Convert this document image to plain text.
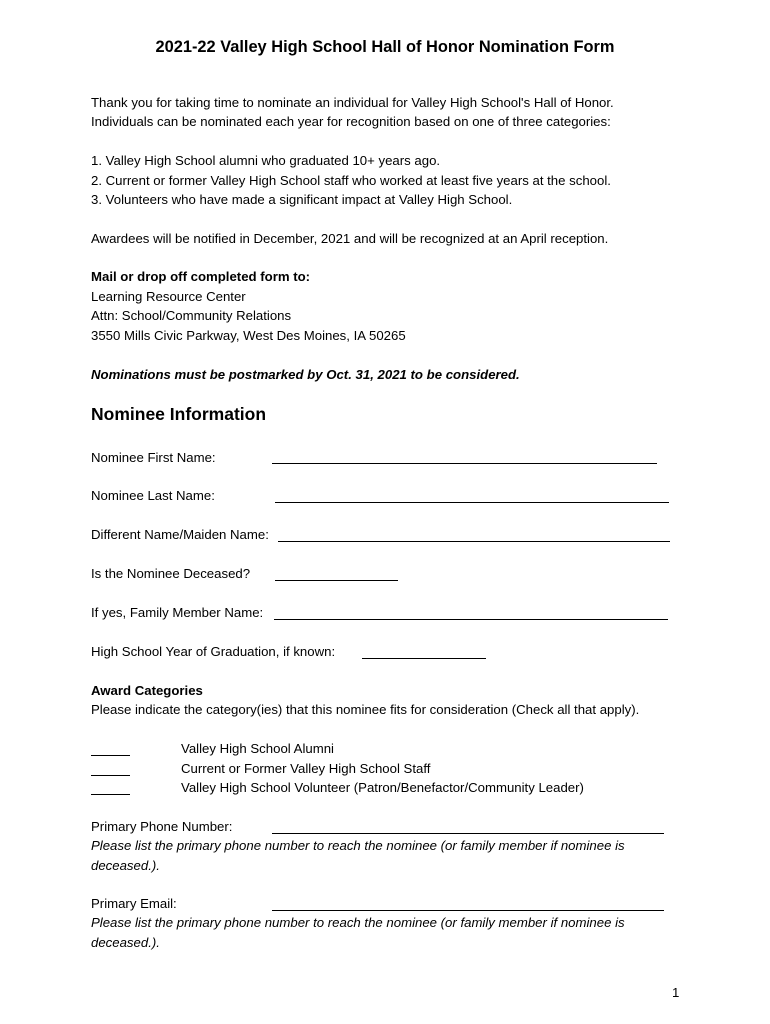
2021-22 Valley High School Hall of Honor Nomination Form
Thank you for taking time to nominate an individual for Valley High School's Hall of Honor.
Individuals can be nominated each year for recognition based on one of three categories:
1. Valley High School alumni who graduated 10+ years ago.
2. Current or former Valley High School staff who worked at least five years at the school.
3. Volunteers who have made a significant impact at Valley High School.
Awardees will be notified in December, 2021 and will be recognized at an April reception.
Mail or drop off completed form to:
Learning Resource Center
Attn: School/Community Relations
3550 Mills Civic Parkway, West Des Moines, IA 50265
Nominations must be postmarked by Oct. 31, 2021 to be considered.
Nominee Information
Nominee First Name:
Nominee Last Name:
Different Name/Maiden Name:
Is the Nominee Deceased?
If yes, Family Member Name:
High School Year of Graduation, if known:
Award Categories
Please indicate the category(ies) that this nominee fits for consideration (Check all that apply).
Valley High School Alumni
Current or Former Valley High School Staff
Valley High School Volunteer (Patron/Benefactor/Community Leader)
Primary Phone Number:
Please list the primary phone number to reach the nominee (or family member if nominee is
deceased.).
Primary Email:
Please list the primary phone number to reach the nominee (or family member if nominee is
deceased.).
1
